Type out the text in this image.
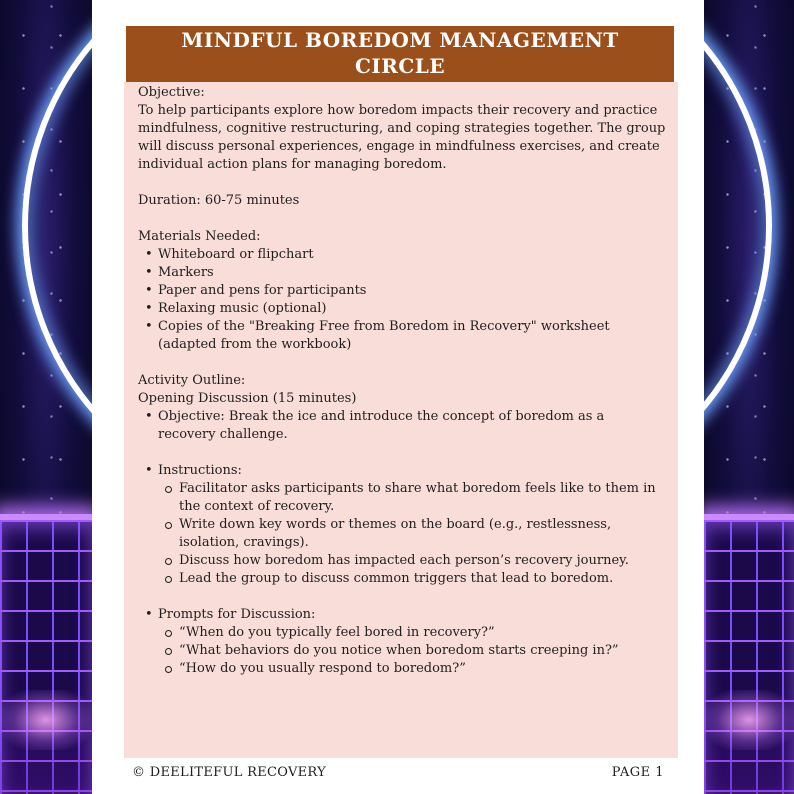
MINDFUL BOREDOM MANAGEMENT
CIRCLE

Objective:

To help participants explore how boredom impacts their recovery and practice mindfulness, cognitive restructuring, and coping strategies together. The group will discuss personal experiences, engage in mindfulness exercises, and create individual action plans for managing boredom.

Duration: 60-75 minutes

Materials Needed:

• Whiteboard or flipchart
• Markers
• Paper and pens for participants
• Relaxing music (optional)
• Copies of the "Breaking Free from Boredom in Recovery" worksheet (adapted from the workbook)

Activity Outline:

Opening Discussion (15 minutes)

• Objective: Break the ice and introduce the concept of boredom as a recovery challenge.
• Instructions:
Facilitator asks participants to share what boredom feels like to them in the context of recovery.
Write down key words or themes on the board (e.g., restlessness, isolation, cravings).
Discuss how boredom has impacted each person’s recovery journey.
Lead the group to discuss common triggers that lead to boredom.
• Prompts for Discussion:
“When do you typically feel bored in recovery?”
“What behaviors do you notice when boredom starts creeping in?”
“How do you usually respond to boredom?”
© DEELITEFUL RECOVERY	PAGE 1
